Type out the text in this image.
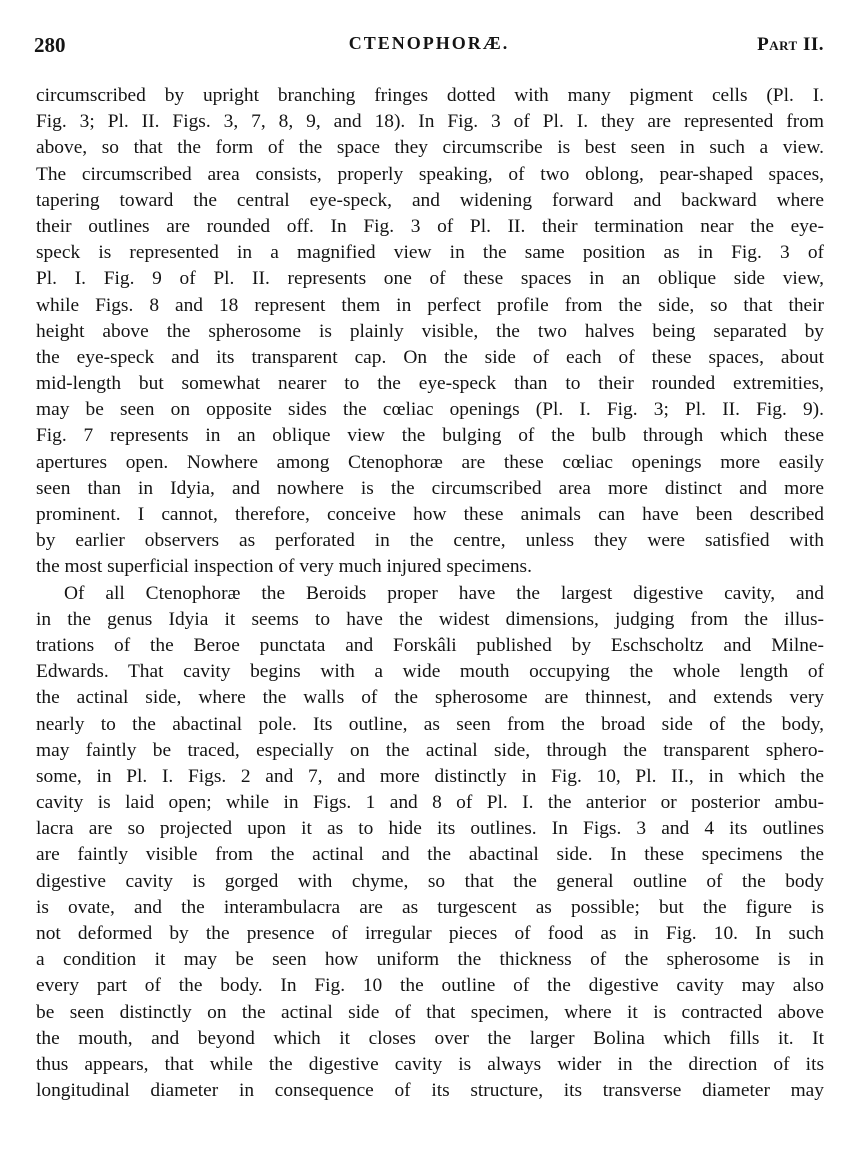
280	CTENOPHORÆ.	Part II.
circumscribed by upright branching fringes dotted with many pigment cells (Pl. I.
Fig. 3; Pl. II. Figs. 3, 7, 8, 9, and 18). In Fig. 3 of Pl. I. they are represented from
above, so that the form of the space they circumscribe is best seen in such a view.
The circumscribed area consists, properly speaking, of two oblong, pear-shaped spaces,
tapering toward the central eye-speck, and widening forward and backward where
their outlines are rounded off. In Fig. 3 of Pl. II. their termination near the eye-
speck is represented in a magnified view in the same position as in Fig. 3 of
Pl. I. Fig. 9 of Pl. II. represents one of these spaces in an oblique side view,
while Figs. 8 and 18 represent them in perfect profile from the side, so that their
height above the spherosome is plainly visible, the two halves being separated by
the eye-speck and its transparent cap. On the side of each of these spaces, about
mid-length but somewhat nearer to the eye-speck than to their rounded extremities,
may be seen on opposite sides the cœliac openings (Pl. I. Fig. 3; Pl. II. Fig. 9).
Fig. 7 represents in an oblique view the bulging of the bulb through which these
apertures open. Nowhere among Ctenophoræ are these cœliac openings more easily
seen than in Idyia, and nowhere is the circumscribed area more distinct and more
prominent. I cannot, therefore, conceive how these animals can have been described
by earlier observers as perforated in the centre, unless they were satisfied with
the most superficial inspection of very much injured specimens.
Of all Ctenophoræ the Beroids proper have the largest digestive cavity, and
in the genus Idyia it seems to have the widest dimensions, judging from the illus-
trations of the Beroe punctata and Forskâli published by Eschscholtz and Milne-
Edwards. That cavity begins with a wide mouth occupying the whole length of
the actinal side, where the walls of the spherosome are thinnest, and extends very
nearly to the abactinal pole. Its outline, as seen from the broad side of the body,
may faintly be traced, especially on the actinal side, through the transparent sphero-
some, in Pl. I. Figs. 2 and 7, and more distinctly in Fig. 10, Pl. II., in which the
cavity is laid open; while in Figs. 1 and 8 of Pl. I. the anterior or posterior ambu-
lacra are so projected upon it as to hide its outlines. In Figs. 3 and 4 its outlines
are faintly visible from the actinal and the abactinal side. In these specimens the
digestive cavity is gorged with chyme, so that the general outline of the body
is ovate, and the interambulacra are as turgescent as possible; but the figure is
not deformed by the presence of irregular pieces of food as in Fig. 10. In such
a condition it may be seen how uniform the thickness of the spherosome is in
every part of the body. In Fig. 10 the outline of the digestive cavity may also
be seen distinctly on the actinal side of that specimen, where it is contracted above
the mouth, and beyond which it closes over the larger Bolina which fills it. It
thus appears, that while the digestive cavity is always wider in the direction of its
longitudinal diameter in consequence of its structure, its transverse diameter may
